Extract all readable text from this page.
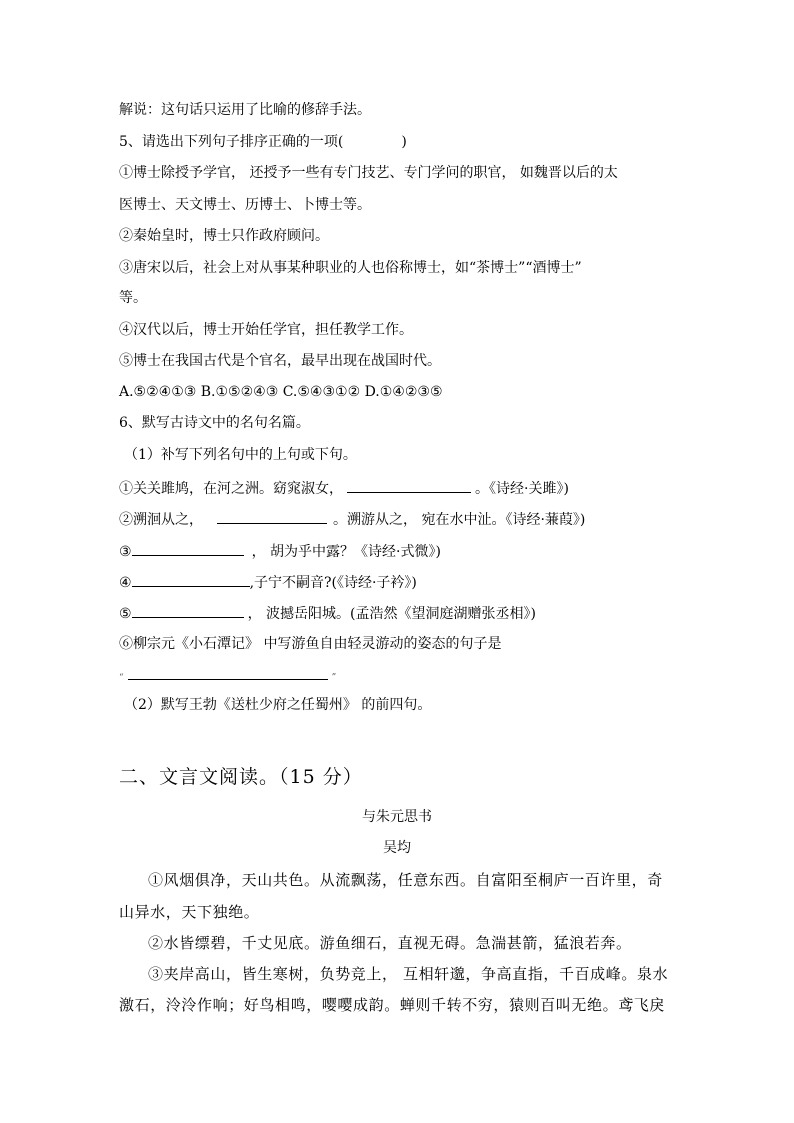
解说：这句话只运用了比喻的修辞手法。
5、请选出下列句子排序正确的一项(	)
①博士除授予学官， 还授予一些有专门技艺、专门学问的职官， 如魏晋以后的太
医博士、天文博士、历博士、卜博士等。
②秦始皇时，博士只作政府顾问。
③唐宋以后，社会上对从事某种职业的人也俗称博士，如“茶博士”“酒博士”
等。
④汉代以后，博士开始任学官，担任教学工作。
⑤博士在我国古代是个官名，最早出现在战国时代。
A.⑤②④①③ B.①⑤②④③ C.⑤④③①② D.①④②③⑤
6、默写古诗文中的名句名篇。
（1）补写下列名句中的上句或下句。
①关关雎鸠，在河之洲。窈窕淑女，	。《诗经·关雎》)
②溯洄从之，	。溯游从之， 宛在水中沚。《诗经·蒹葭》)
③	， 胡为乎中露？《诗经·式微》)
④	,子宁不嗣音?(《诗经·子衿》)
⑤	， 波撼岳阳城。(孟浩然《望洞庭湖赠张丞相》)
⑥柳宗元《小石潭记》 中写游鱼自由轻灵游动的姿态的句子是
“	”
（2）默写王勃《送杜少府之任蜀州》 的前四句。
二、文言文阅读。（15 分）
与朱元思书
吴均
①风烟俱净，天山共色。从流飘荡，任意东西。自富阳至桐庐一百许里，奇
山异水，天下独绝。
②水皆缥碧，千丈见底。游鱼细石，直视无碍。急湍甚箭，猛浪若奔。
③夹岸高山，皆生寒树，负势竞上， 互相轩邈，争高直指，千百成峰。泉水
激石，泠泠作响；好鸟相鸣，嘤嘤成韵。蝉则千转不穷，猿则百叫无绝。鸢飞戾
